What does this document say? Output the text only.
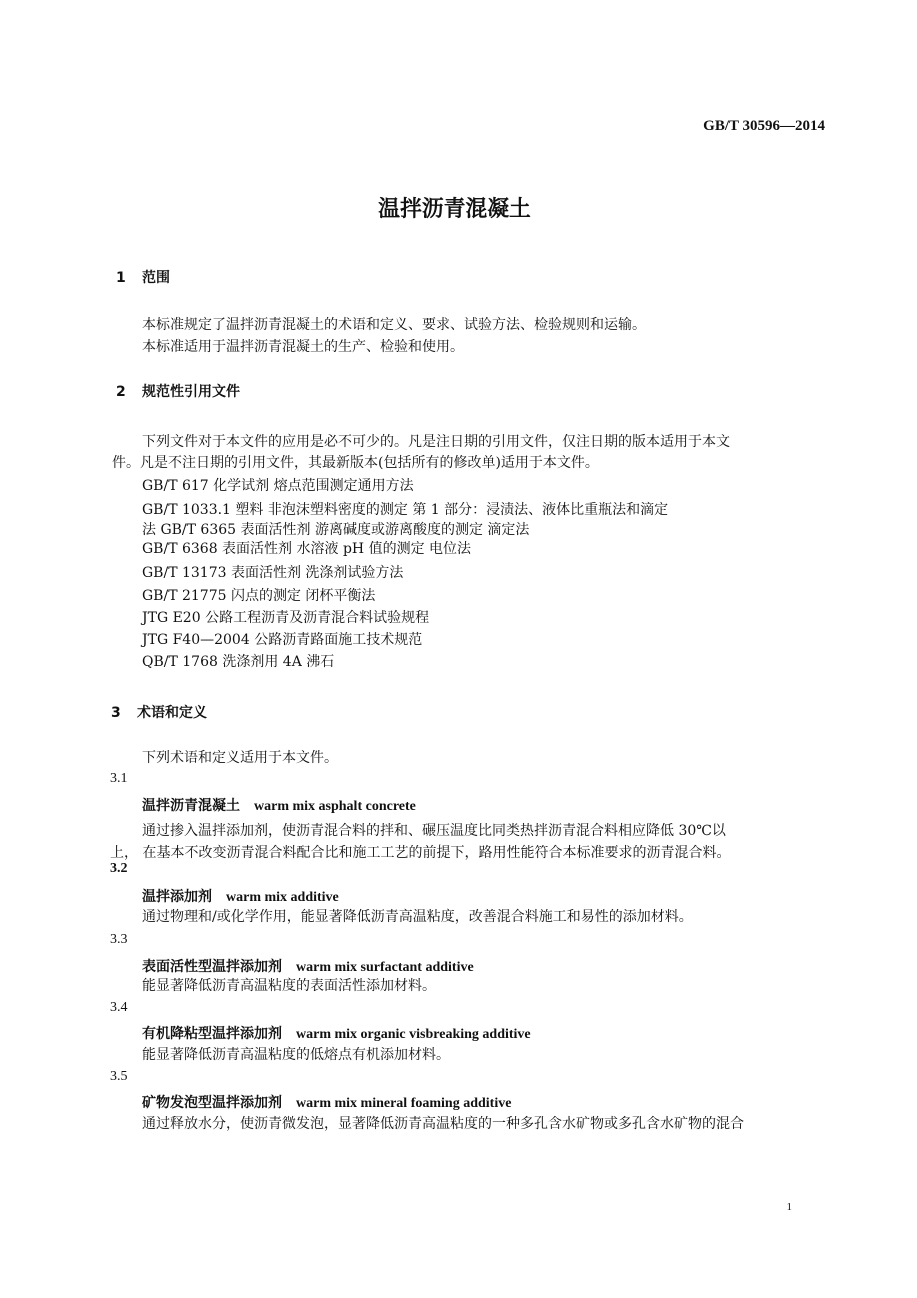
GB/T 30596—2014
温拌沥青混凝土
1 范围
本标准规定了温拌沥青混凝土的术语和定义、要求、试验方法、检验规则和运输。
本标准适用于温拌沥青混凝土的生产、检验和使用。
2 规范性引用文件
下列文件对于本文件的应用是必不可少的。凡是注日期的引用文件，仅注日期的版本适用于本文
件。凡是不注日期的引用文件，其最新版本(包括所有的修改单)适用于本文件。
GB/T 617 化学试剂 熔点范围测定通用方法
GB/T 1033.1 塑料 非泡沫塑料密度的测定 第 1 部分：浸渍法、液体比重瓶法和滴定
法 GB/T 6365 表面活性剂 游离碱度或游离酸度的测定 滴定法
GB/T 6368 表面活性剂 水溶液 pH 值的测定 电位法
GB/T 13173 表面活性剂 洗涤剂试验方法
GB/T 21775 闪点的测定 闭杯平衡法
JTG E20 公路工程沥青及沥青混合料试验规程
JTG F40—2004 公路沥青路面施工技术规范
QB/T 1768 洗涤剂用 4A 沸石
3 术语和定义
下列术语和定义适用于本文件。
3.1
温拌沥青混凝土 warm mix asphalt concrete
通过掺入温拌添加剂，使沥青混合料的拌和、碾压温度比同类热拌沥青混合料相应降低 30℃以
上， 在基本不改变沥青混合料配合比和施工工艺的前提下，路用性能符合本标准要求的沥青混合料。
3.2
温拌添加剂 warm mix additive
通过物理和/或化学作用，能显著降低沥青高温粘度，改善混合料施工和易性的添加材料。
3.3
表面活性型温拌添加剂 warm mix surfactant additive
能显著降低沥青高温粘度的表面活性添加材料。
3.4
有机降粘型温拌添加剂 warm mix organic visbreaking additive
能显著降低沥青高温粘度的低熔点有机添加材料。
3.5
矿物发泡型温拌添加剂 warm mix mineral foaming additive
通过释放水分，使沥青微发泡，显著降低沥青高温粘度的一种多孔含水矿物或多孔含水矿物的混合
1
